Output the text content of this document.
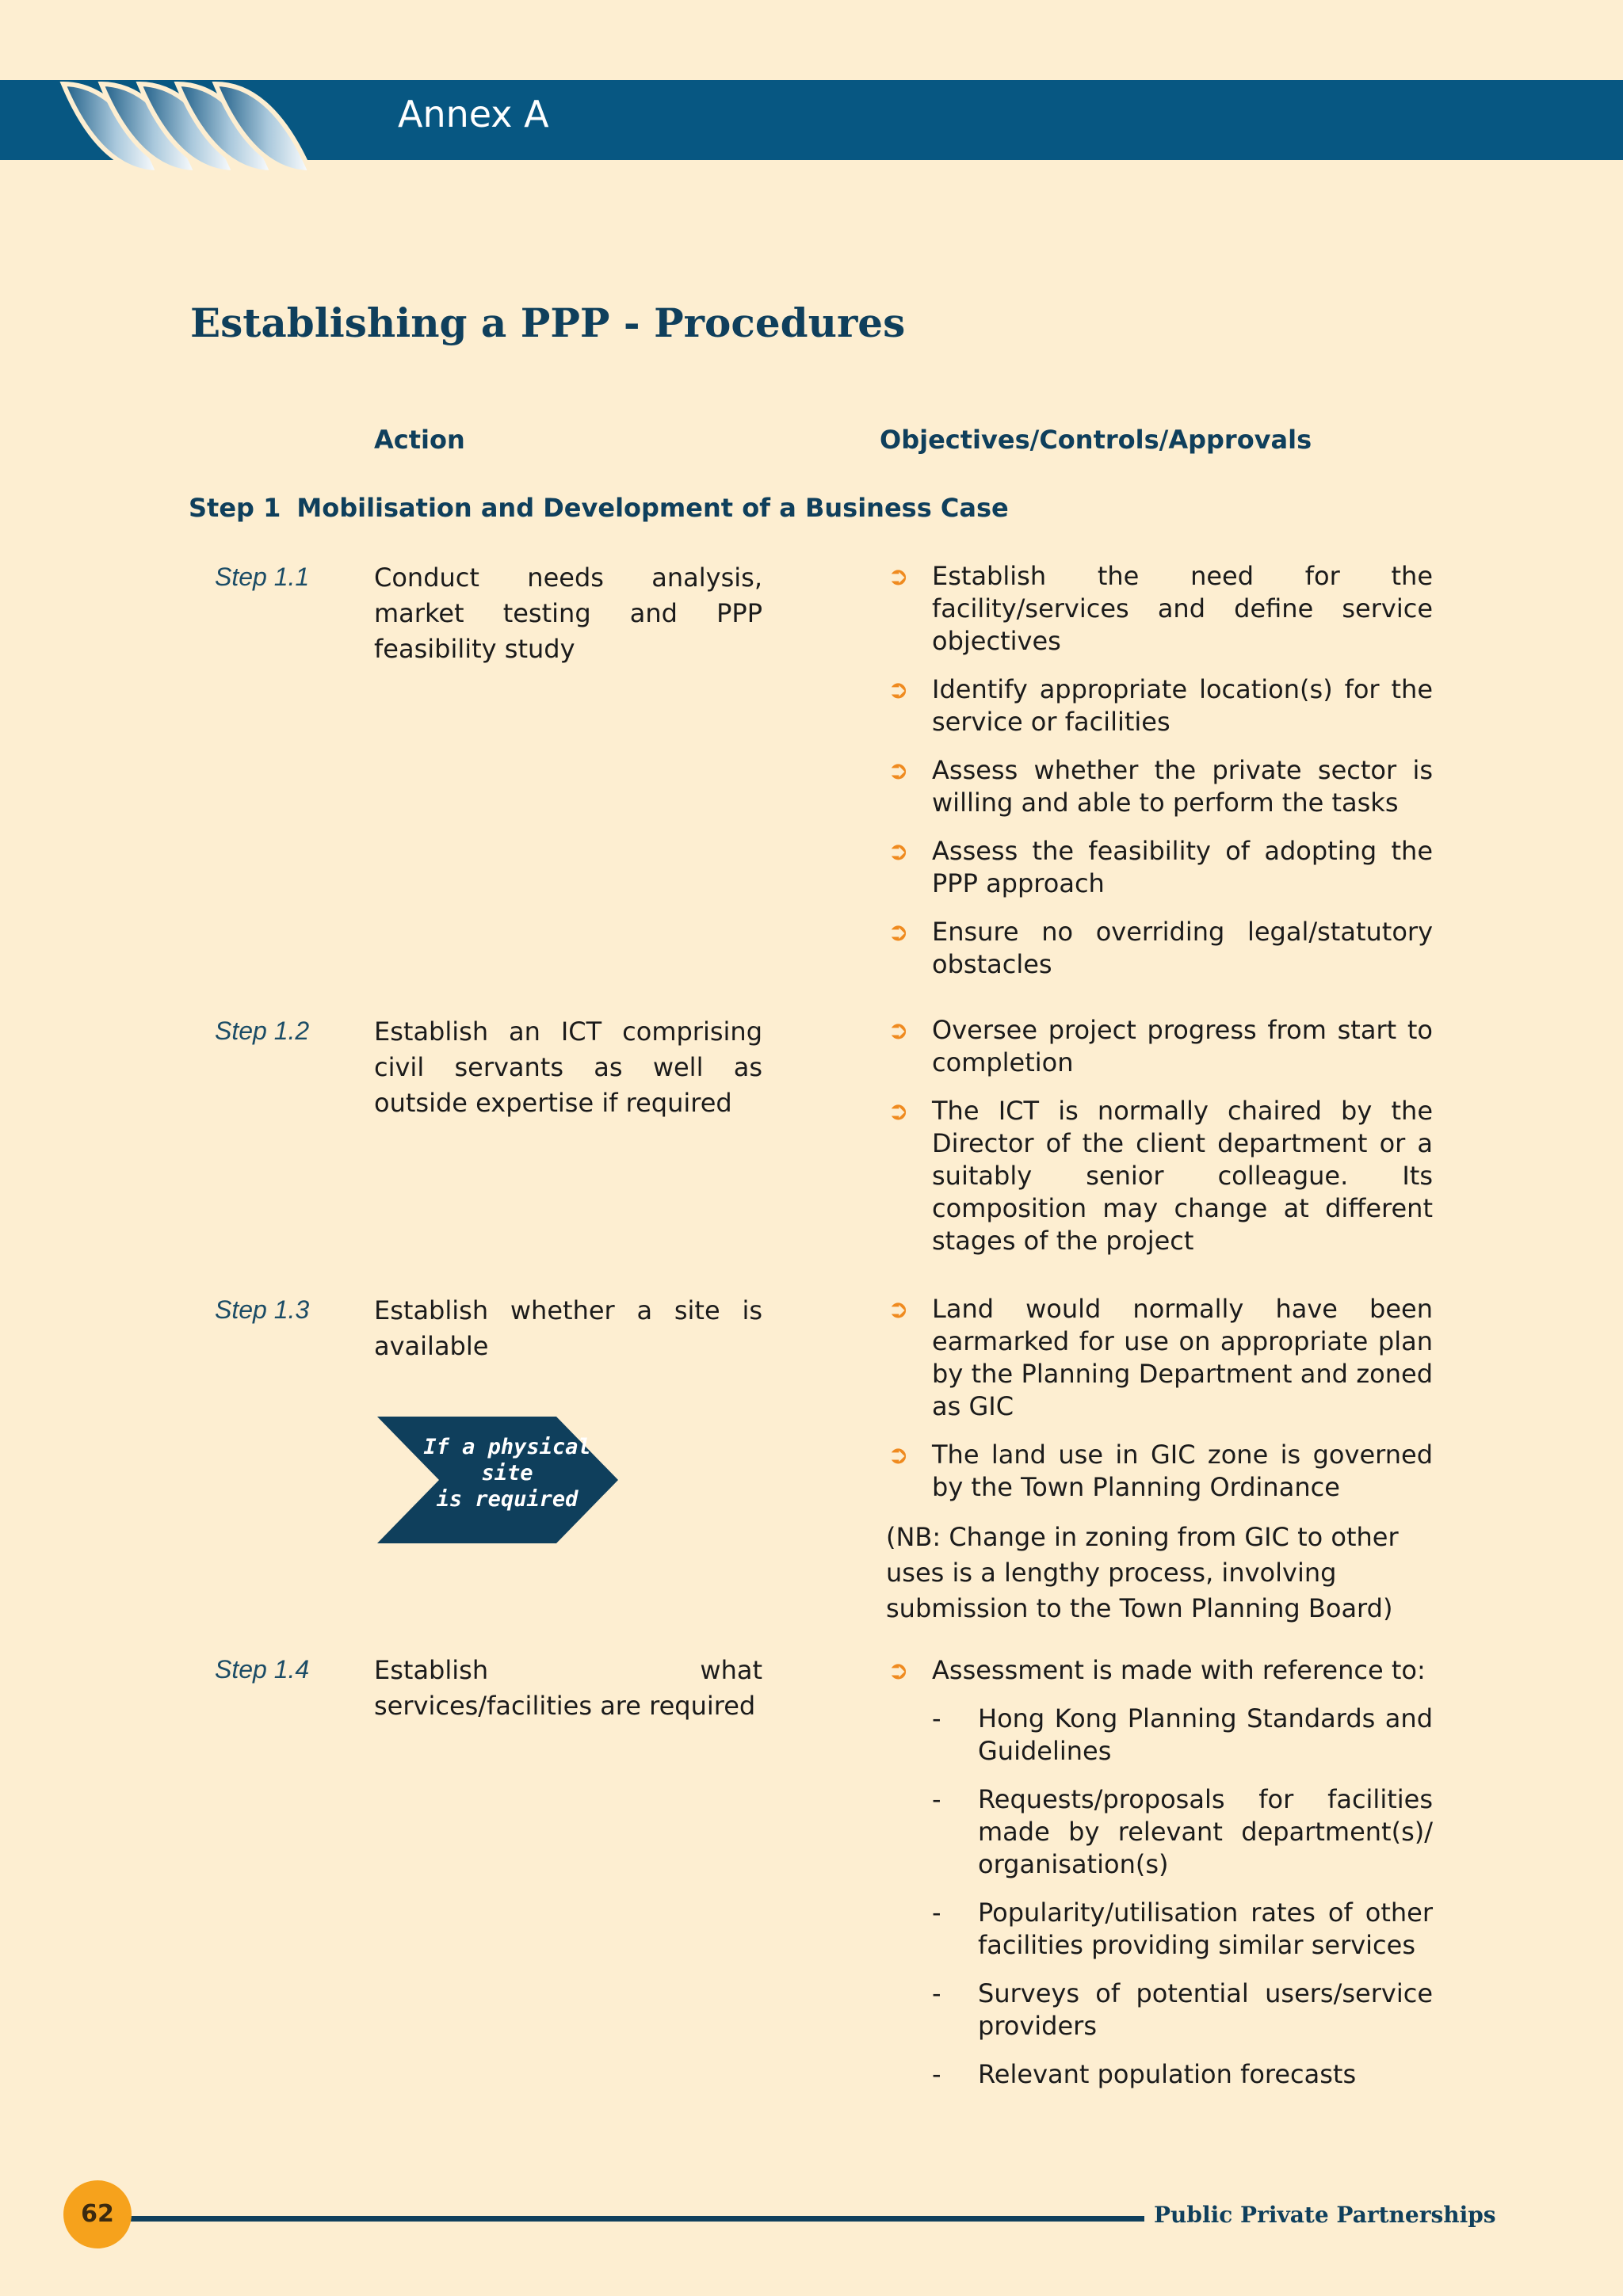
Annex A
Establishing a PPP - Procedures
Action	Objectives/Controls/Approvals
Step 1 Mobilisation and Development of a Business Case
Step 1.1	Conduct needs analysis, market testing and PPP feasibility study
➲ Establish the need for the facility/services and define service objectives
➲ Identify appropriate location(s) for the service or facilities
➲ Assess whether the private sector is willing and able to perform the tasks
➲ Assess the feasibility of adopting the PPP approach
➲ Ensure no overriding legal/statutory obstacles
Step 1.2	Establish an ICT comprising civil servants as well as outside expertise if required
➲ Oversee project progress from start to completion
➲ The ICT is normally chaired by the Director of the client department or a suitably senior colleague. Its composition may change at different stages of the project
Step 1.3	Establish whether a site is available
If a physical
site
is required
➲ Land would normally have been earmarked for use on appropriate plan by the Planning Department and zoned as GIC
➲ The land use in GIC zone is governed by the Town Planning Ordinance
(NB: Change in zoning from GIC to other uses is a lengthy process, involving submission to the Town Planning Board)
Step 1.4	Establish what services/facilities are required
➲ Assessment is made with reference to:
- Hong Kong Planning Standards and Guidelines
- Requests/proposals for facilities made by relevant department(s)/ organisation(s)
- Popularity/utilisation rates of other facilities providing similar services
- Surveys of potential users/service providers
- Relevant population forecasts
62	Public Private Partnerships
